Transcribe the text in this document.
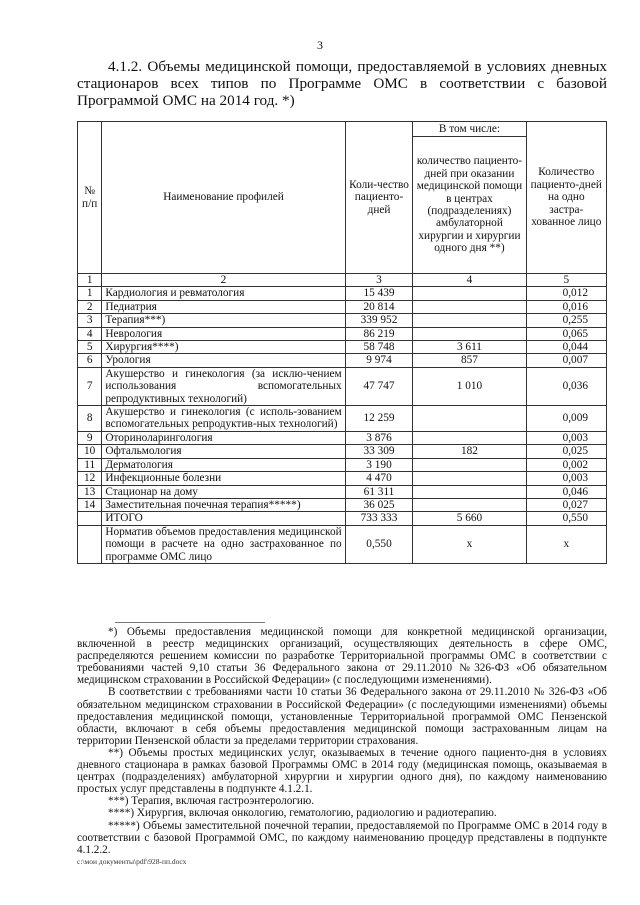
3
4.1.2. Объемы медицинской помощи, предоставляемой в условиях дневных стационаров всех типов по Программе ОМС в соответствии с базовой Программой ОМС на 2014 год. *)
№ п/п	Наименование профилей	Коли-чество пациенто-дней	В том числе:	Количество пациенто-дней на одно застра-хованное лицо
			количество пациенто-дней при оказании медицинской помощи в центрах (подразделениях) амбулаторной хирургии и хирургии одного дня **)	
1	2	3	4	5
1	Кардиология и ревматология	15 439		0,012
2	Педиатрия	20 814		0,016
3	Терапия***)	339 952		0,255
4	Неврология	86 219		0,065
5	Хирургия****)	58 748	3 611	0,044
6	Урология	9 974	857	0,007
7	Акушерство и гинекология (за исклю-чением использования вспомогательных репродуктивных технологий)	47 747	1 010	0,036
8	Акушерство и гинекология (с исполь-зованием вспомогательных репродуктив-ных технологий)	12 259		0,009
9	Оториноларингология	3 876		0,003
10	Офтальмология	33 309	182	0,025
11	Дерматология	3 190		0,002
12	Инфекционные болезни	4 470		0,003
13	Стационар на дому	61 311		0,046
14	Заместительная почечная терапия*****)	36 025		0,027
	ИТОГО	733 333	5 660	0,550
	Норматив объемов предоставления медицинской помощи в расчете на одно застрахованное по программе ОМС лицо	0,550	х	х

*) Объемы предоставления медицинской помощи для конкретной медицинской организации, включенной в реестр медицинских организаций, осуществляющих деятельность в сфере ОМС, распределяются решением комиссии по разработке Территориальной программы ОМС в соответствии с требованиями частей 9,10 статьи 36 Федерального закона от 29.11.2010 №326-ФЗ «Об обязательном медицинском страховании в Российской Федерации» (с последующими изменениями).

В соответствии с требованиями части 10 статьи 36 Федерального закона от 29.11.2010 № 326-ФЗ «Об обязательном медицинском страховании в Российской Федерации» (с последующими изменениями) объемы предоставления медицинской помощи, установленные Территориальной программой ОМС Пензенской области, включают в себя объемы предоставления медицинской помощи застрахованным лицам на территории Пензенской области за пределами территории страхования.

**) Объемы простых медицинских услуг, оказываемых в течение одного пациенто-дня в условиях дневного стационара в рамках базовой Программы ОМС в 2014 году (медицинская помощь, оказываемая в центрах (подразделениях) амбулаторной хирургии и хирургии одного дня), по каждому наименованию простых услуг представлены в подпункте 4.1.2.1.

***) Терапия, включая гастроэнтерологию.

****) Хирургия, включая онкологию, гематологию, радиологию и радиотерапию.

*****) Объемы заместительной почечной терапии, предоставляемой по Программе ОМС в 2014 году в соответствии с базовой Программой ОМС, по каждому наименованию процедур представлены в подпункте 4.1.2.2.

c:\мои документы\pdf\928-пп.docx
